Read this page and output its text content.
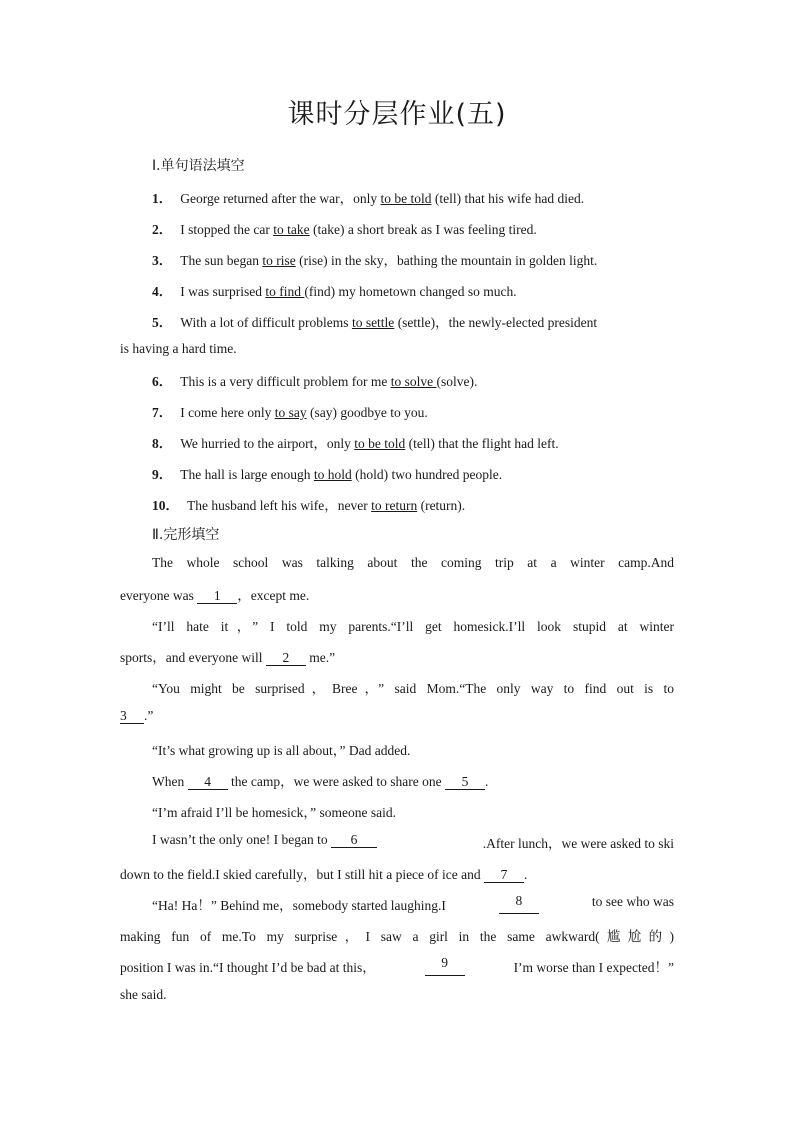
课时分层作业(五)
Ⅰ.单句语法填空
1． George returned after the war，only to be told (tell) that his wife had died.
2． I stopped the car to take (take) a short break as I was feeling tired.
3． The sun began to rise (rise) in the sky，bathing the mountain in golden light.
4． I was surprised to find (find) my hometown changed so much.
5． With a lot of difficult problems to settle (settle)，the newly-elected president
is having a hard time.
6． This is a very difficult problem for me to solve (solve).
7． I come here only to say (say) goodbye to you.
8． We hurried to the airport，only to be told (tell) that the flight had left.
9． The hall is large enough to hold (hold) two hundred people.
10． The husband left his wife，never to return (return).
Ⅱ.完形填空
The whole school was talking about the coming trip at a winter camp.And
everyone was 1 ，except me.
“I’ll hate it，” I told my parents.“I’ll get homesick.I’ll look stupid at winter
sports，and everyone will 2 me.”
“You might be surprised，Bree，” said Mom.“The only way to find out is to
3 .”
“It’s what growing up is all about，” Dad added.
When 4 the camp，we were asked to share one 5 .
“I’m afraid I’ll be homesick，” someone said.
I wasn’t the only one! I began to 6	.After lunch，we were asked to ski
down to the field.I skied carefully，but I still hit a piece of ice and 7 .
“Ha! Ha！” Behind me，somebody started laughing.I	8	to see who was
making fun of me.To my surprise，I saw a girl in the same awkward(尴尬的)
position I was in.“I thought I’d be bad at this，	9	I’m worse than I expected！”
she said.
